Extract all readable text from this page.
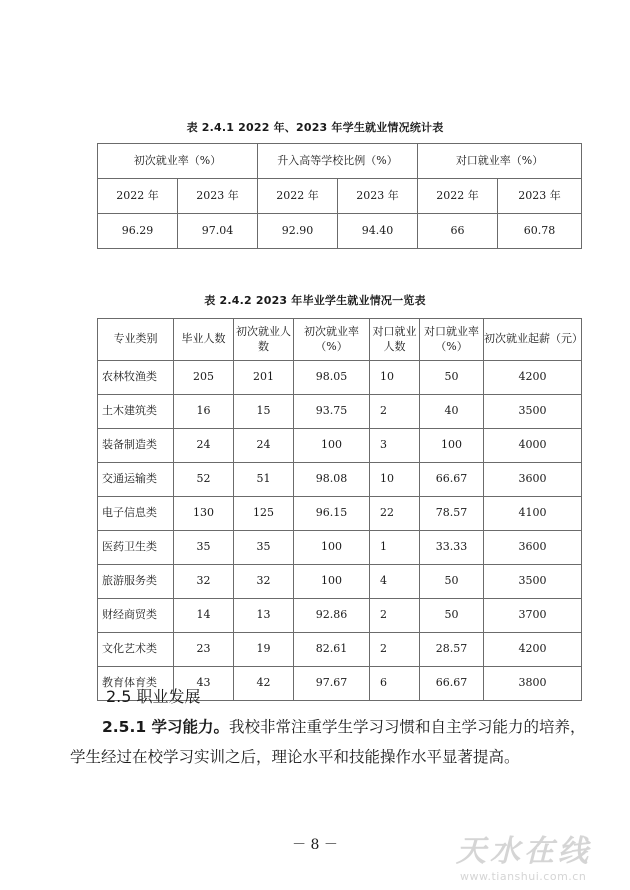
表 2.4.1 2022 年、2023 年学生就业情况统计表
初次就业率（%）		升入高等学校比例（%）		对口就业率（%）	
2022 年	2023 年	2022 年	2023 年	2022 年	2023 年
96.29	97.04	92.90	94.40	66	60.78
表 2.4.2 2023 年毕业学生就业情况一览表
专业类别	毕业人数	初次就业人数	初次就业率（%）	对口就业人数	对口就业率（%）	初次就业起薪（元）
农林牧渔类	205	201	98.05	10	50	4200
土木建筑类	16	15	93.75	2	40	3500
装备制造类	24	24	100	3	100	4000
交通运输类	52	51	98.08	10	66.67	3600
电子信息类	130	125	96.15	22	78.57	4100
医药卫生类	35	35	100	1	33.33	3600
旅游服务类	32	32	100	4	50	3500
财经商贸类	14	13	92.86	2	50	3700
文化艺术类	23	19	82.61	2	28.57	4200
教育体育类	43	42	97.67	6	66.67	3800
2.5 职业发展
2.5.1 学习能力。我校非常注重学生学习习惯和自主学习能力的培养，学生经过在校学习实训之后，理论水平和技能操作水平显著提高。
－ 8 －	天水在线
www.tianshui.com.cn
